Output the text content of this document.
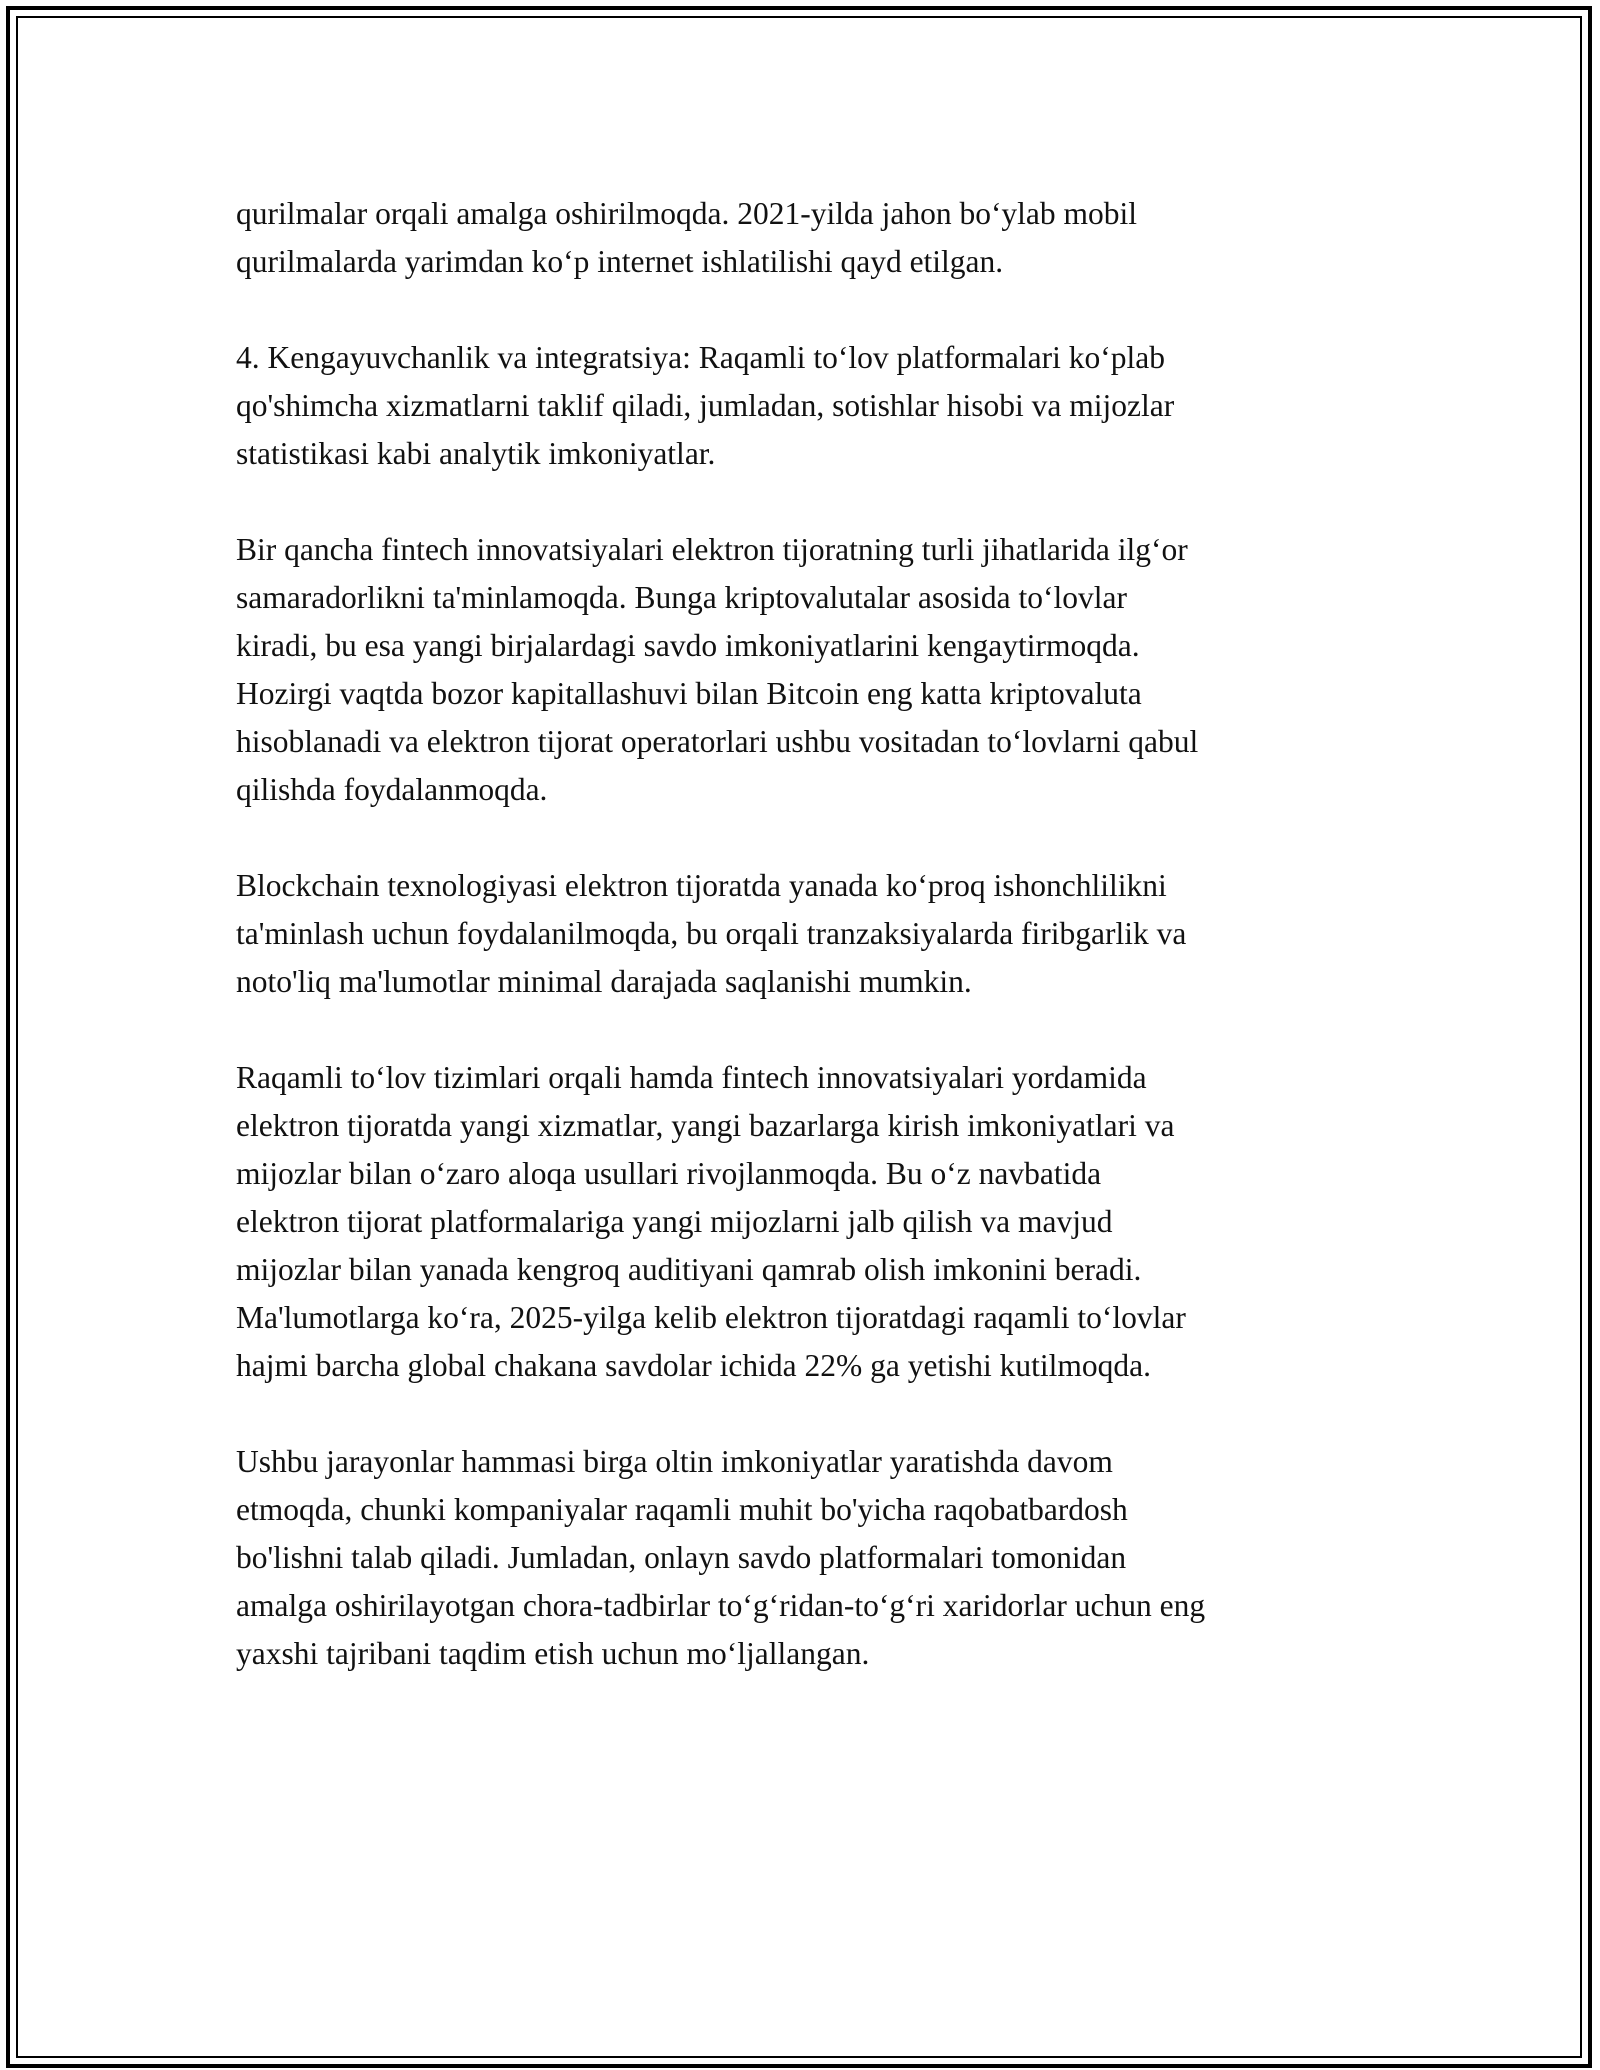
qurilmalar orqali amalga oshirilmoqda. 2021-yilda jahon bo‘ylab mobil
qurilmalarda yarimdan ko‘p internet ishlatilishi qayd etilgan.

4. Kengayuvchanlik va integratsiya: Raqamli to‘lov platformalari ko‘plab
qo'shimcha xizmatlarni taklif qiladi, jumladan, sotishlar hisobi va mijozlar
statistikasi kabi analytik imkoniyatlar.

Bir qancha fintech innovatsiyalari elektron tijoratning turli jihatlarida ilg‘or
samaradorlikni ta'minlamoqda. Bunga kriptovalutalar asosida to‘lovlar
kiradi, bu esa yangi birjalardagi savdo imkoniyatlarini kengaytirmoqda.
Hozirgi vaqtda bozor kapitallashuvi bilan Bitcoin eng katta kriptovaluta
hisoblanadi va elektron tijorat operatorlari ushbu vositadan to‘lovlarni qabul
qilishda foydalanmoqda.

Blockchain texnologiyasi elektron tijoratda yanada ko‘proq ishonchlilikni
ta'minlash uchun foydalanilmoqda, bu orqali tranzaksiyalarda firibgarlik va
noto'liq ma'lumotlar minimal darajada saqlanishi mumkin.

Raqamli to‘lov tizimlari orqali hamda fintech innovatsiyalari yordamida
elektron tijoratda yangi xizmatlar, yangi bazarlarga kirish imkoniyatlari va
mijozlar bilan o‘zaro aloqa usullari rivojlanmoqda. Bu o‘z navbatida
elektron tijorat platformalariga yangi mijozlarni jalb qilish va mavjud
mijozlar bilan yanada kengroq auditiyani qamrab olish imkonini beradi.
Ma'lumotlarga ko‘ra, 2025-yilga kelib elektron tijoratdagi raqamli to‘lovlar
hajmi barcha global chakana savdolar ichida 22% ga yetishi kutilmoqda.

Ushbu jarayonlar hammasi birga oltin imkoniyatlar yaratishda davom
etmoqda, chunki kompaniyalar raqamli muhit bo'yicha raqobatbardosh
bo'lishni talab qiladi. Jumladan, onlayn savdo platformalari tomonidan
amalga oshirilayotgan chora-tadbirlar to‘g‘ridan-to‘g‘ri xaridorlar uchun eng
yaxshi tajribani taqdim etish uchun mo‘ljallangan.
